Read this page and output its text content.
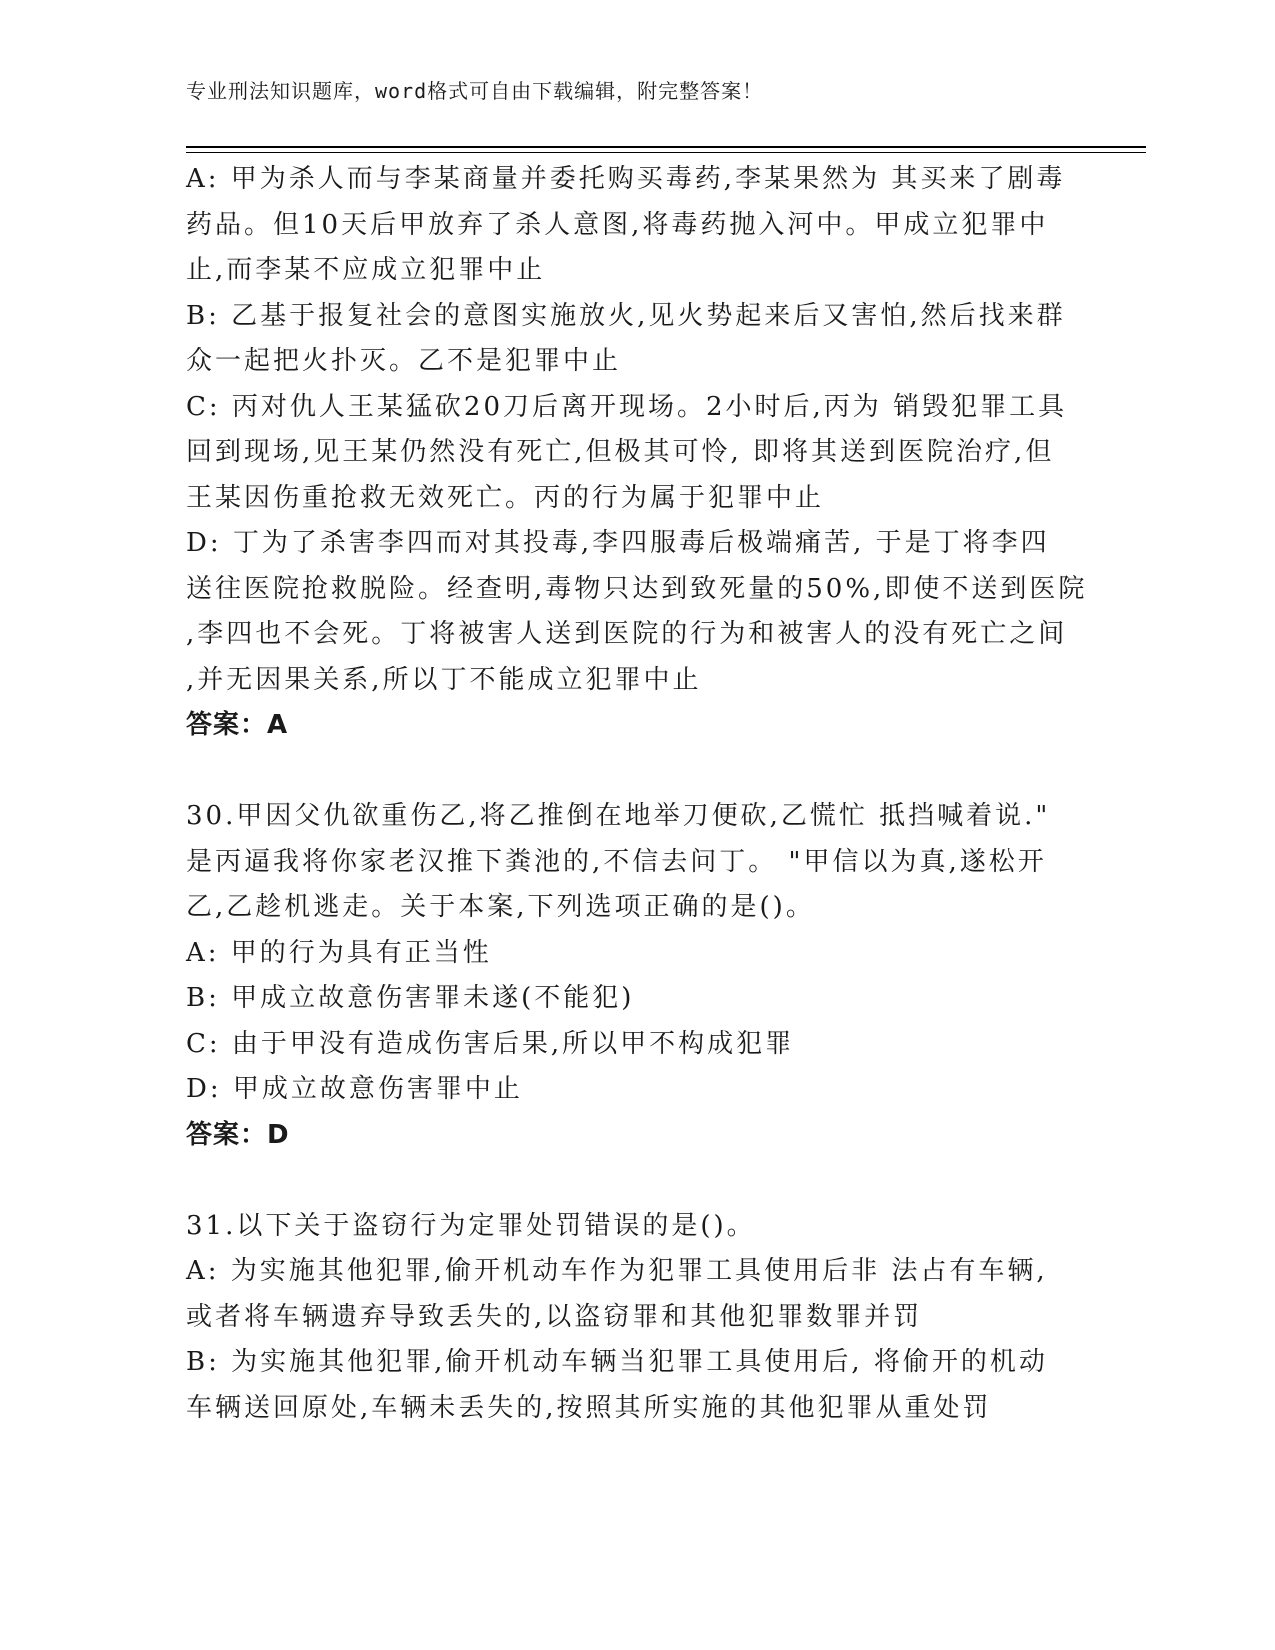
专业刑法知识题库，word格式可自由下载编辑，附完整答案！
A: 甲为杀人而与李某商量并委托购买毒药,李某果然为 其买来了剧毒
药品。但10天后甲放弃了杀人意图,将毒药抛入河中。甲成立犯罪中
止,而李某不应成立犯罪中止
B: 乙基于报复社会的意图实施放火,见火势起来后又害怕,然后找来群
众一起把火扑灭。乙不是犯罪中止
C: 丙对仇人王某猛砍20刀后离开现场。2小时后,丙为 销毁犯罪工具
回到现场,见王某仍然没有死亡,但极其可怜, 即将其送到医院治疗,但
王某因伤重抢救无效死亡。丙的行为属于犯罪中止
D: 丁为了杀害李四而对其投毒,李四服毒后极端痛苦, 于是丁将李四
送往医院抢救脱险。经查明,毒物只达到致死量的50%,即使不送到医院
,李四也不会死。丁将被害人送到医院的行为和被害人的没有死亡之间
,并无因果关系,所以丁不能成立犯罪中止
答案：A
30.甲因父仇欲重伤乙,将乙推倒在地举刀便砍,乙慌忙 抵挡喊着说."
是丙逼我将你家老汉推下粪池的,不信去问丁。 "甲信以为真,遂松开
乙,乙趁机逃走。关于本案,下列选项正确的是()。
A: 甲的行为具有正当性
B: 甲成立故意伤害罪未遂(不能犯)
C: 由于甲没有造成伤害后果,所以甲不构成犯罪
D: 甲成立故意伤害罪中止
答案：D
31.以下关于盗窃行为定罪处罚错误的是()。
A: 为实施其他犯罪,偷开机动车作为犯罪工具使用后非 法占有车辆,
或者将车辆遗弃导致丢失的,以盗窃罪和其他犯罪数罪并罚
B: 为实施其他犯罪,偷开机动车辆当犯罪工具使用后, 将偷开的机动
车辆送回原处,车辆未丢失的,按照其所实施的其他犯罪从重处罚
